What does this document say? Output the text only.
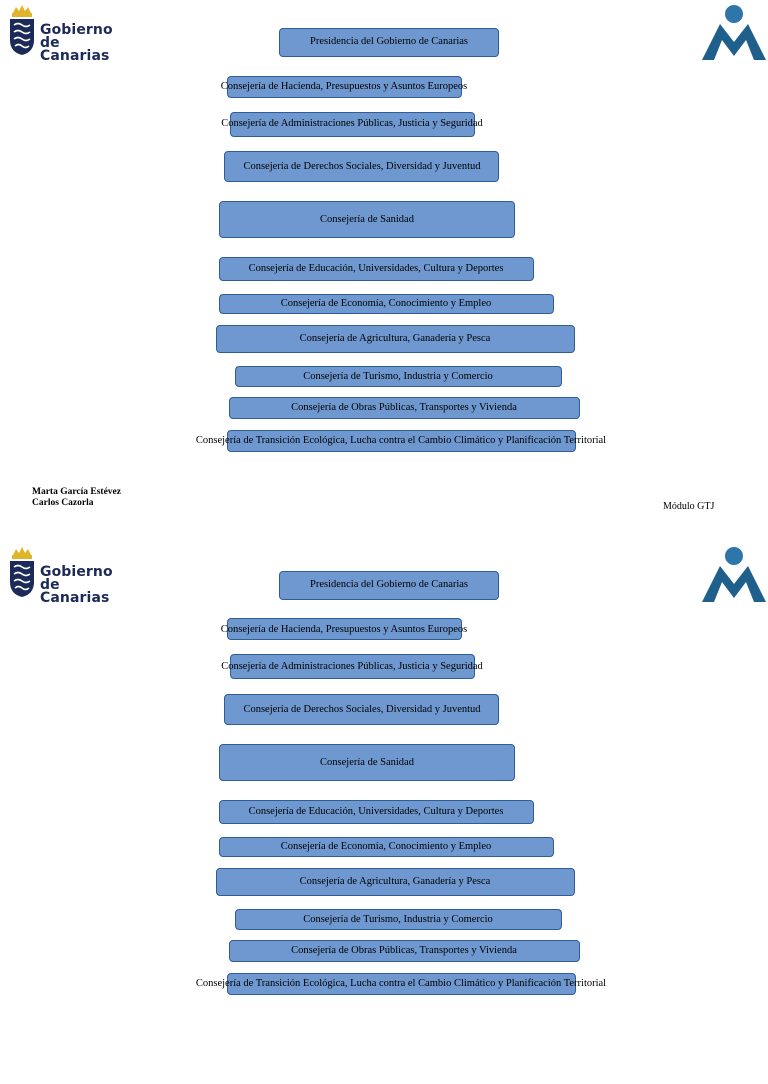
Gobierno
de Canarias
Presidencia del Gobierno de Canarias
Consejería de Hacienda, Presupuestos y Asuntos Europeos
Consejería de Administraciones Públicas, Justicia y Seguridad
Consejería de Derechos Sociales, Diversidad y Juventud
Consejería de Sanidad
Consejería de Educación, Universidades, Cultura y Deportes
Consejería de Economía, Conocimiento y Empleo
Consejería de Agricultura, Ganadería y Pesca
Consejería de Turismo, Industria y Comercio
Consejería de Obras Públicas, Transportes y Vivienda
Consejería de Transición Ecológica, Lucha contra el Cambio Climático y Planificación Territorial
Marta García Estévez
Carlos Cazorla	Módulo GTJ
Gobierno
de Canarias
Presidencia del Gobierno de Canarias
Consejería de Hacienda, Presupuestos y Asuntos Europeos
Consejería de Administraciones Públicas, Justicia y Seguridad
Consejería de Derechos Sociales, Diversidad y Juventud
Consejería de Sanidad
Consejería de Educación, Universidades, Cultura y Deportes
Consejería de Economía, Conocimiento y Empleo
Consejería de Agricultura, Ganadería y Pesca
Consejería de Turismo, Industria y Comercio
Consejería de Obras Públicas, Transportes y Vivienda
Consejería de Transición Ecológica, Lucha contra el Cambio Climático y Planificación Territorial
